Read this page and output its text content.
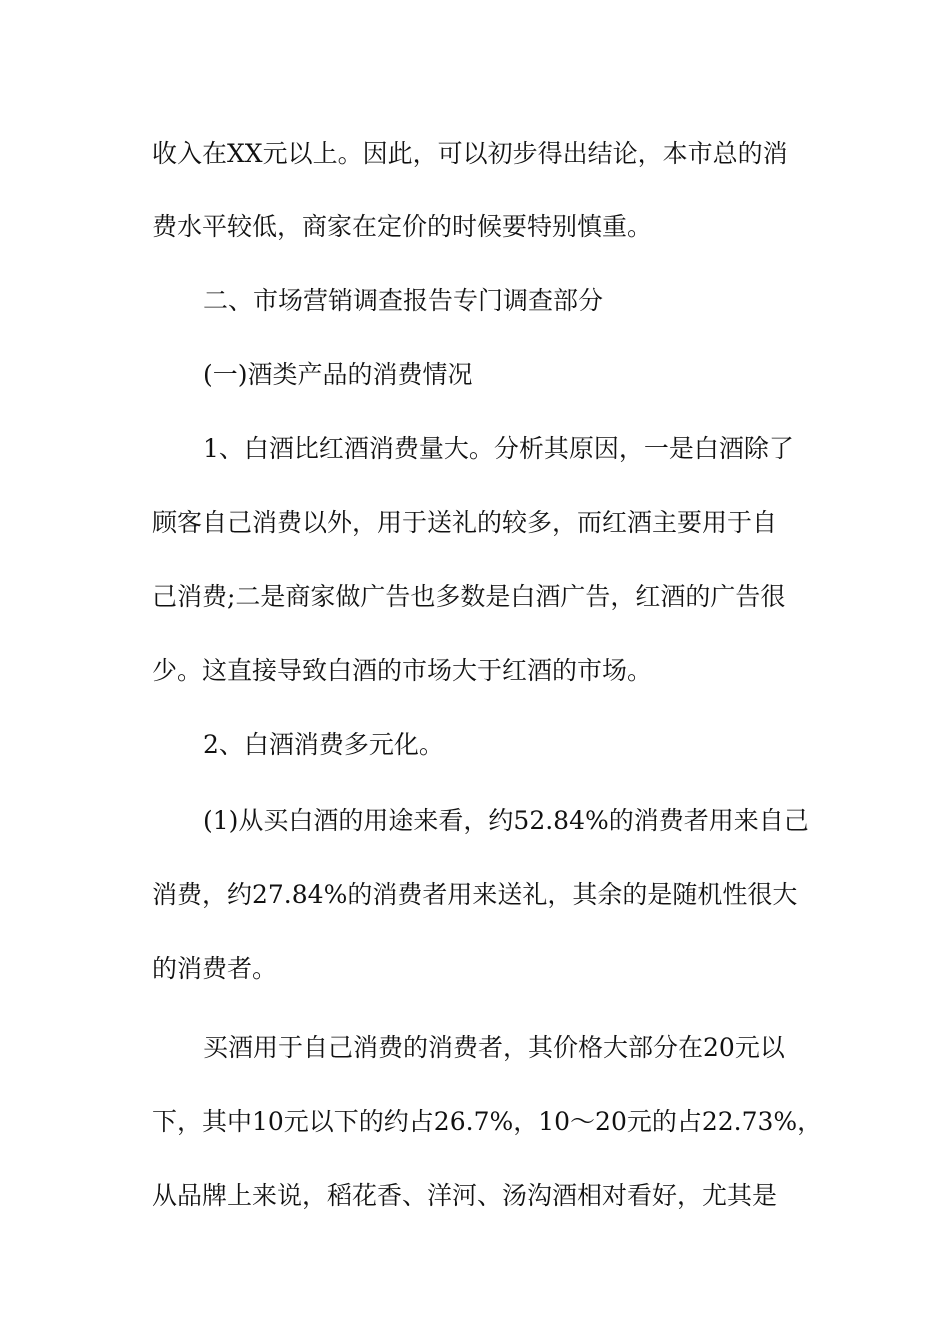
收入在XX元以上。因此，可以初步得出结论，本市总的消

费水平较低，商家在定价的时候要特别慎重。

二、市场营销调查报告专门调查部分

(一)酒类产品的消费情况

1、白酒比红酒消费量大。分析其原因，一是白酒除了

顾客自己消费以外，用于送礼的较多，而红酒主要用于自

己消费;二是商家做广告也多数是白酒广告，红酒的广告很

少。这直接导致白酒的市场大于红酒的市场。

2、白酒消费多元化。

(1)从买白酒的用途来看，约52.84%的消费者用来自己

消费，约27.84%的消费者用来送礼，其余的是随机性很大

的消费者。

买酒用于自己消费的消费者，其价格大部分在20元以

下，其中10元以下的约占26.7%，10～20元的占22.73%，

从品牌上来说，稻花香、洋河、汤沟酒相对看好，尤其是
